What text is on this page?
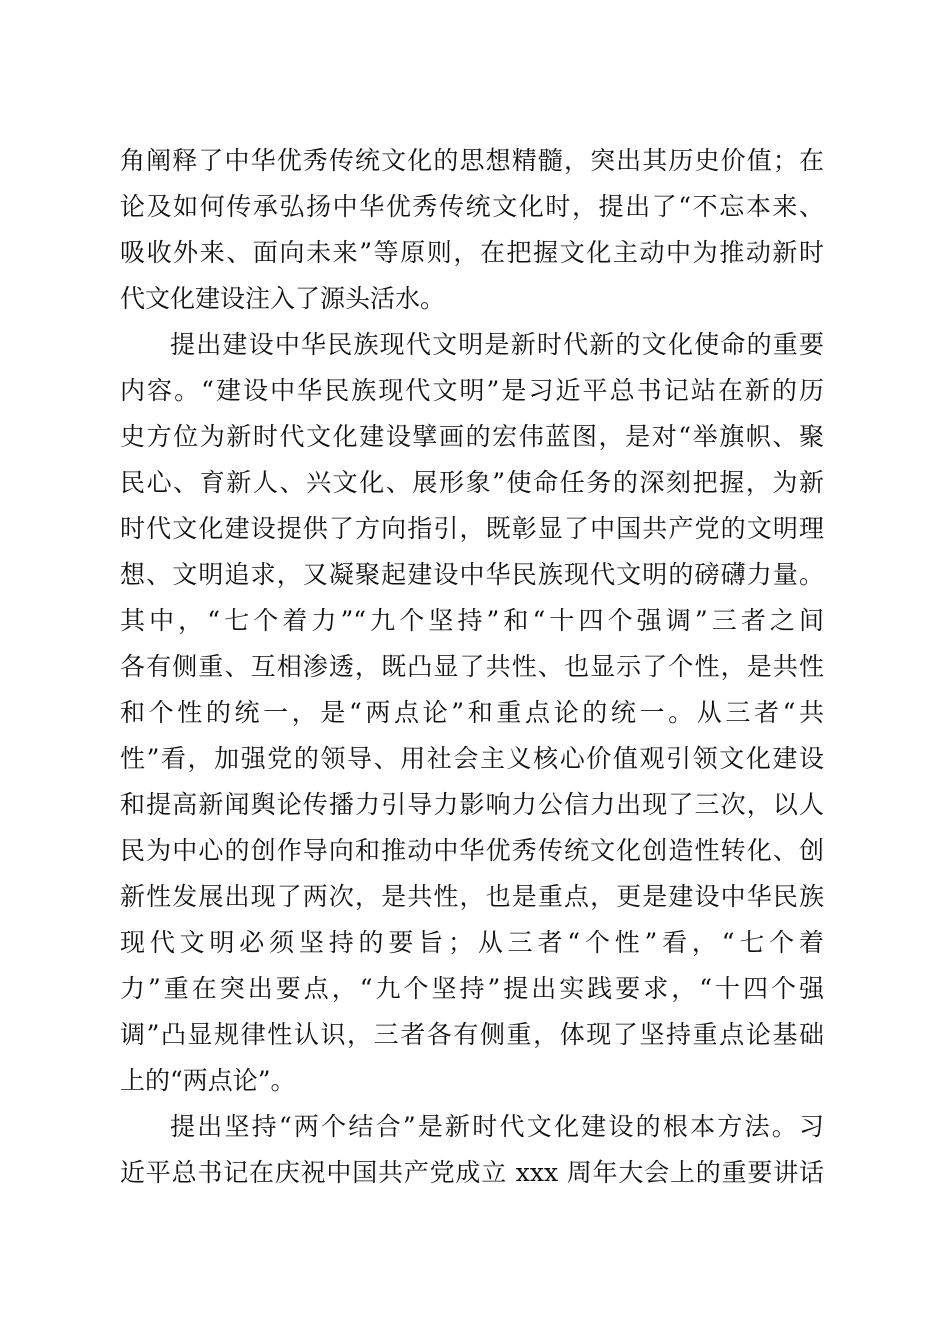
角阐释了中华优秀传统文化的思想精髓，突出其历史价值；在
论及如何传承弘扬中华优秀传统文化时，提出了“不忘本来、
吸收外来、面向未来”等原则，在把握文化主动中为推动新时
代文化建设注入了源头活水。
提出建设中华民族现代文明是新时代新的文化使命的重要
内容。“建设中华民族现代文明”是习近平总书记站在新的历
史方位为新时代文化建设擘画的宏伟蓝图，是对“举旗帜、聚
民心、育新人、兴文化、展形象”使命任务的深刻把握，为新
时代文化建设提供了方向指引，既彰显了中国共产党的文明理
想、文明追求，又凝聚起建设中华民族现代文明的磅礴力量。
其中，“七个着力”“九个坚持”和“十四个强调”三者之间
各有侧重、互相渗透，既凸显了共性、也显示了个性，是共性
和个性的统一，是“两点论”和重点论的统一。从三者“共
性”看，加强党的领导、用社会主义核心价值观引领文化建设
和提高新闻舆论传播力引导力影响力公信力出现了三次，以人
民为中心的创作导向和推动中华优秀传统文化创造性转化、创
新性发展出现了两次，是共性，也是重点，更是建设中华民族
现代文明必须坚持的要旨；从三者“个性”看，“七个着
力”重在突出要点，“九个坚持”提出实践要求，“十四个强
调”凸显规律性认识，三者各有侧重，体现了坚持重点论基础
上的“两点论”。
提出坚持“两个结合”是新时代文化建设的根本方法。习
近平总书记在庆祝中国共产党成立 xxx 周年大会上的重要讲话
